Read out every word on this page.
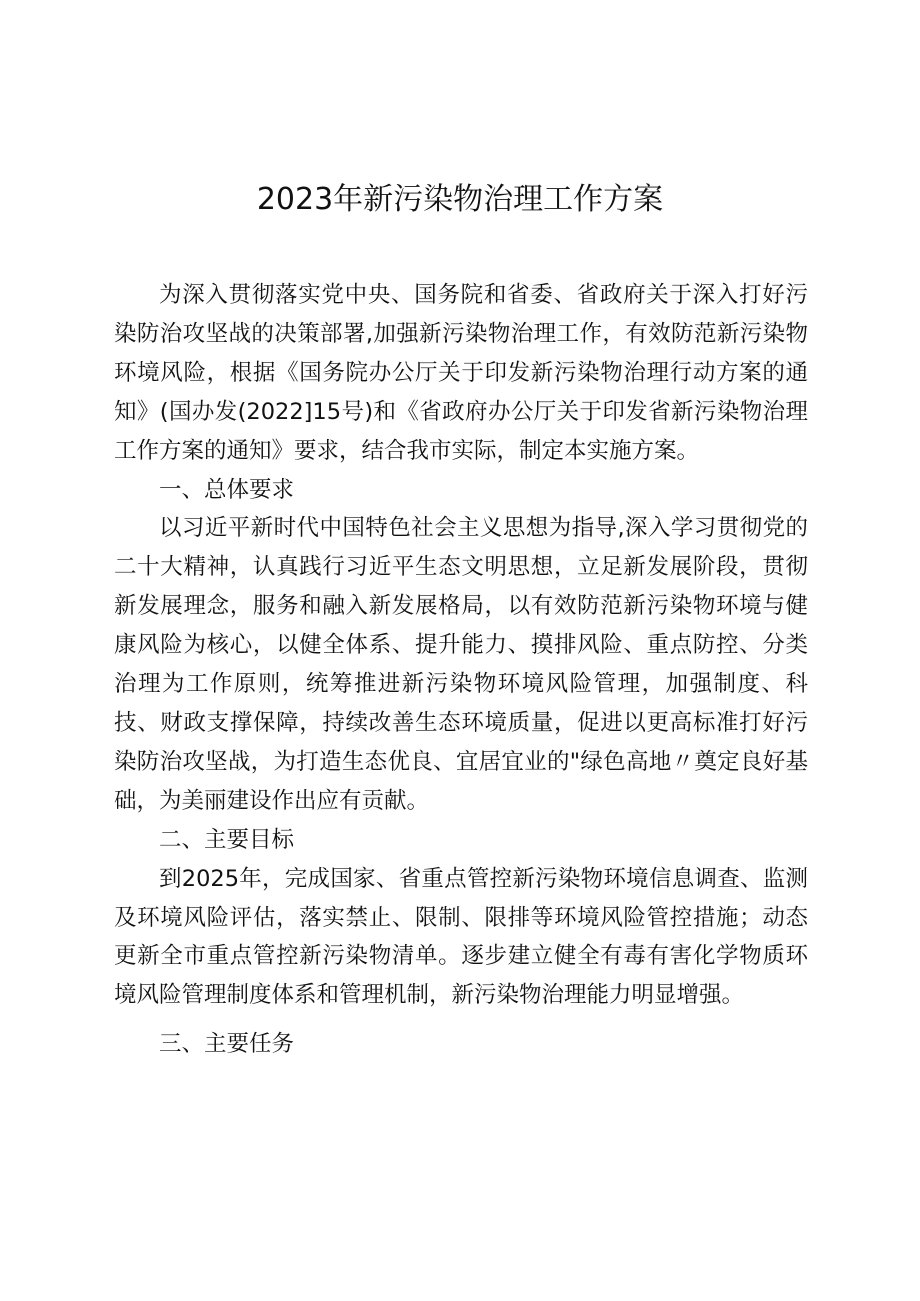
2023年新污染物治理工作方案

为深入贯彻落实党中央、国务院和省委、省政府关于深入打好污染防治攻坚战的决策部署,加强新污染物治理工作，有效防范新污染物环境风险，根据《国务院办公厅关于印发新污染物治理行动方案的通知》(国办发(2022]15号)和《省政府办公厅关于印发省新污染物治理工作方案的通知》要求，结合我市实际，制定本实施方案。

一、总体要求

以习近平新时代中国特色社会主义思想为指导,深入学习贯彻党的二十大精神，认真践行习近平生态文明思想，立足新发展阶段，贯彻新发展理念，服务和融入新发展格局，以有效防范新污染物环境与健康风险为核心，以健全体系、提升能力、摸排风险、重点防控、分类治理为工作原则，统筹推进新污染物环境风险管理，加强制度、科技、财政支撑保障，持续改善生态环境质量，促进以更高标准打好污染防治攻坚战，为打造生态优良、宜居宜业的"绿色高地〃奠定良好基础，为美丽建设作出应有贡献。

二、主要目标

到2025年，完成国家、省重点管控新污染物环境信息调查、监测及环境风险评估，落实禁止、限制、限排等环境风险管控措施；动态更新全市重点管控新污染物清单。逐步建立健全有毒有害化学物质环境风险管理制度体系和管理机制，新污染物治理能力明显增强。

三、主要任务
